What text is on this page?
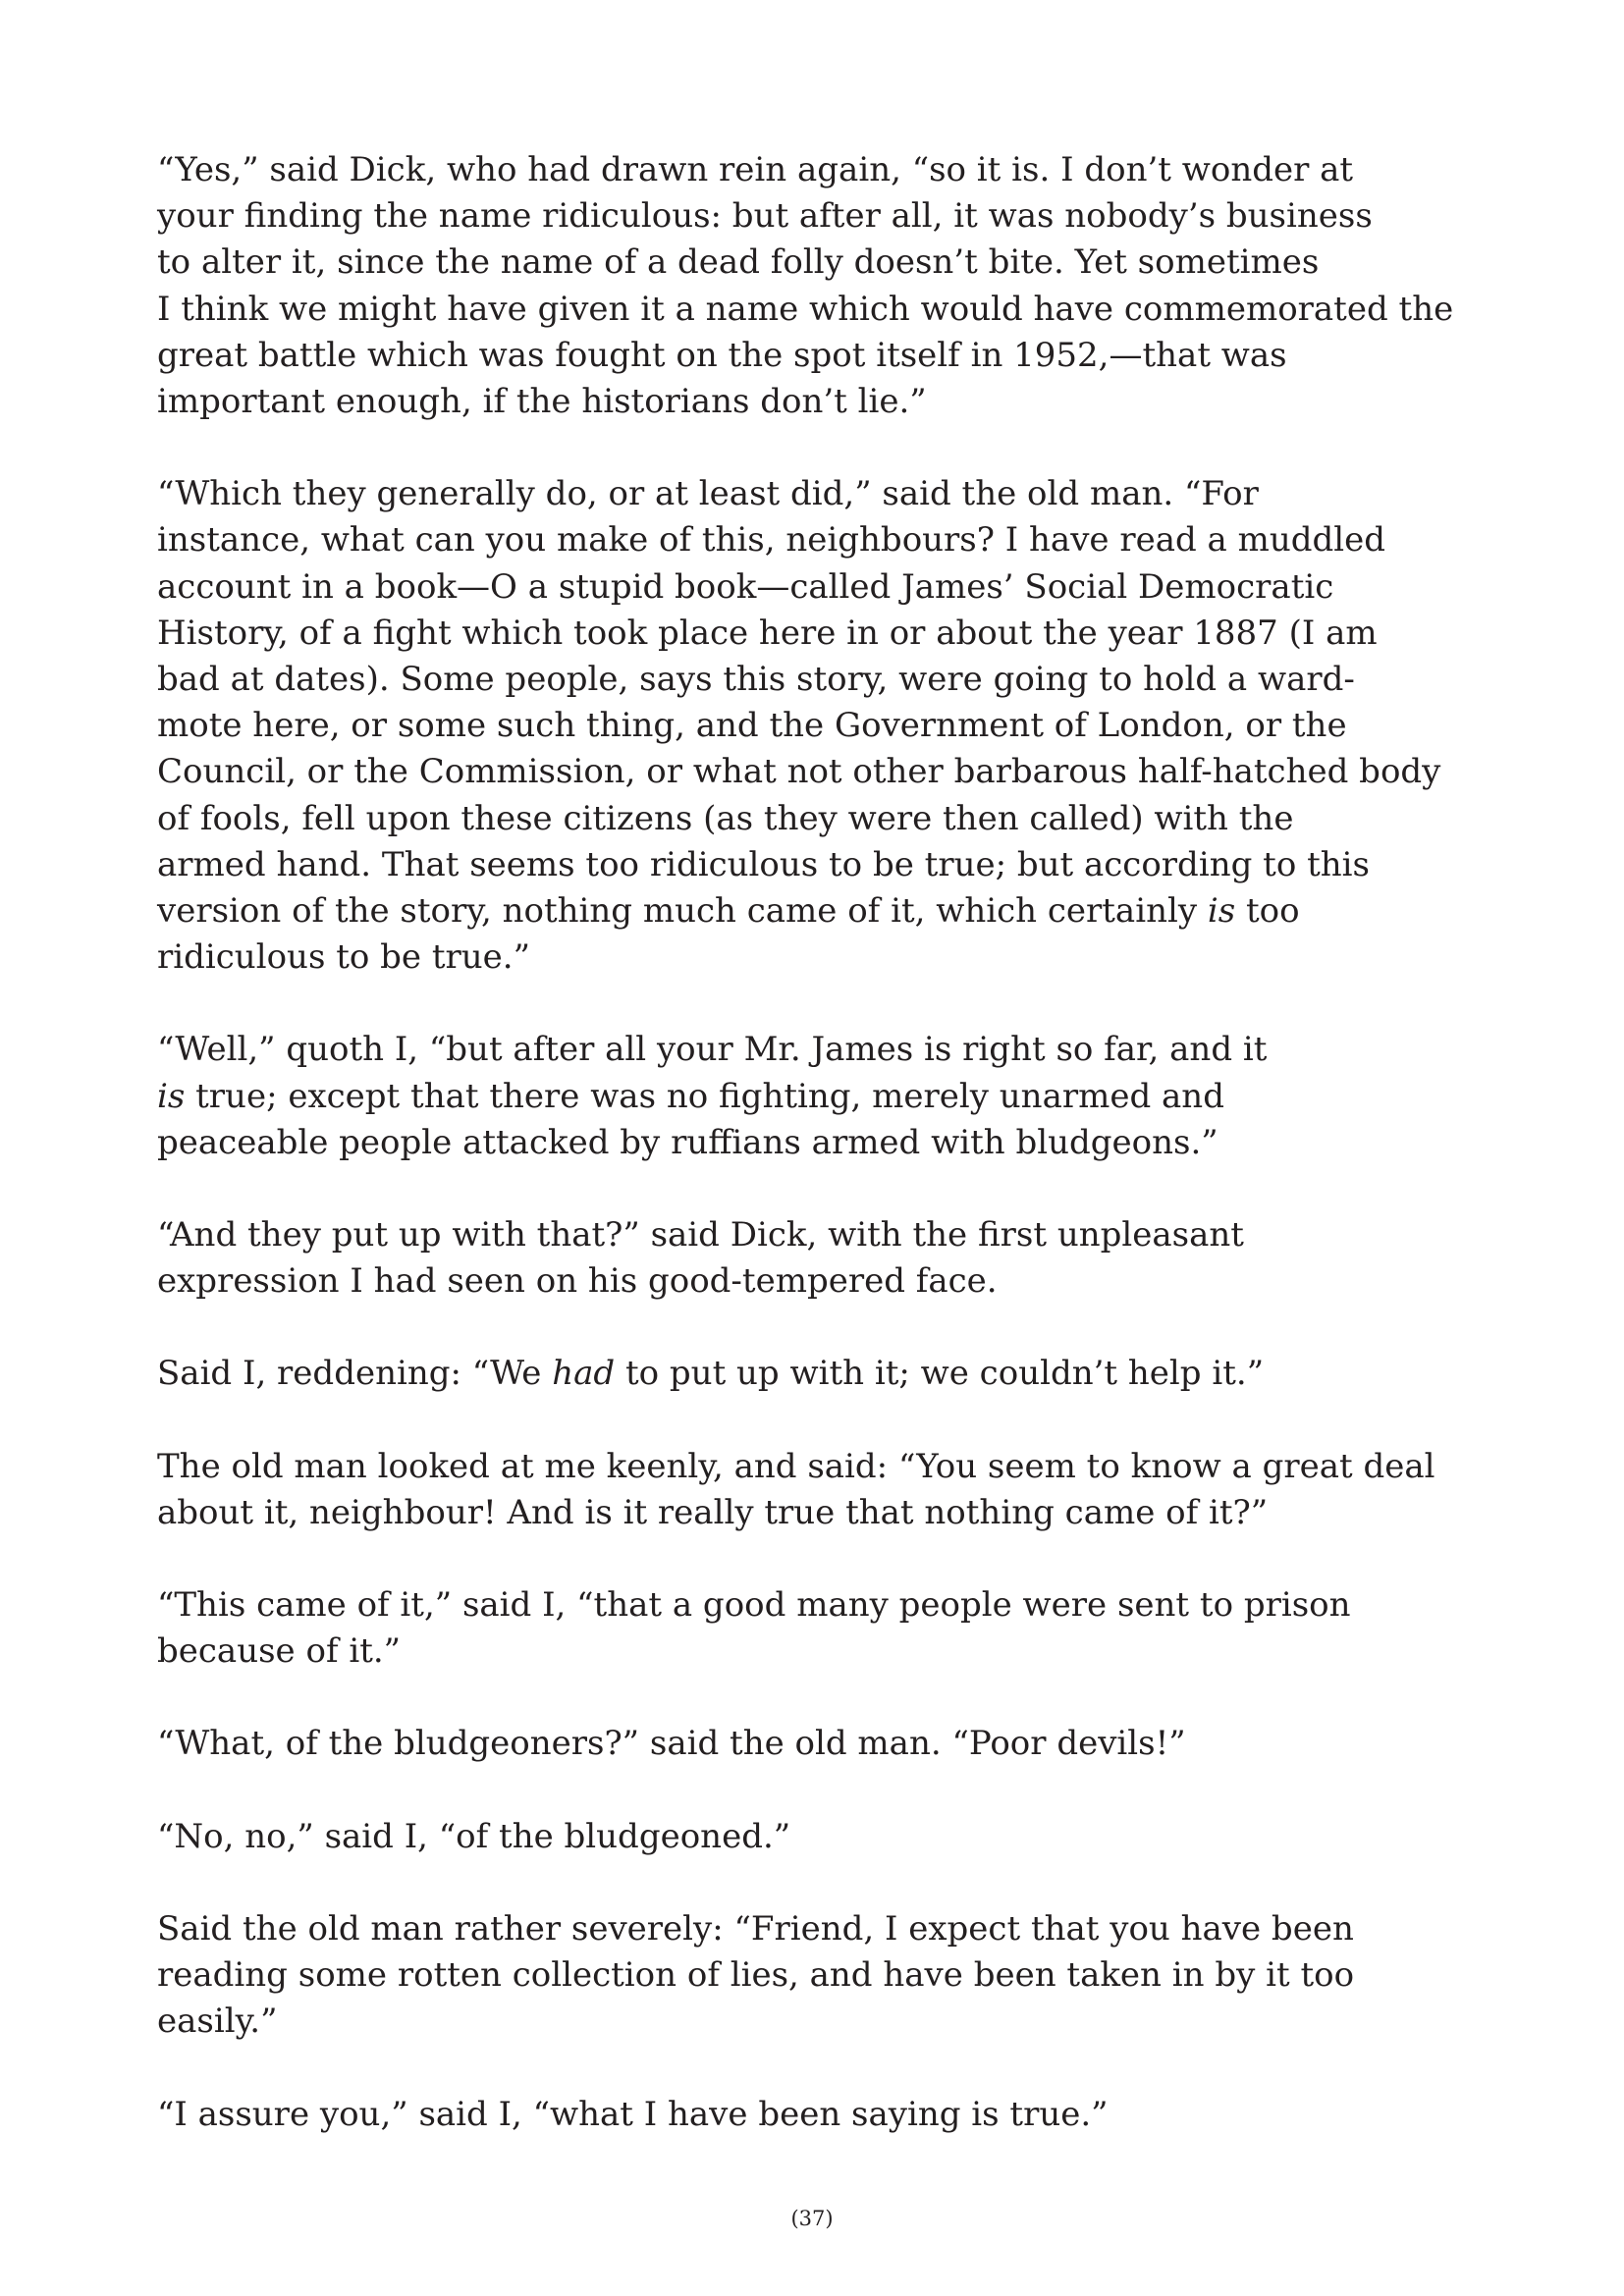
“Yes,” said Dick, who had drawn rein again, “so it is. I don’t wonder at
your finding the name ridiculous: but after all, it was nobody’s business
to alter it, since the name of a dead folly doesn’t bite. Yet sometimes
I think we might have given it a name which would have commemorated the
great battle which was fought on the spot itself in 1952,—that was
important enough, if the historians don’t lie.”

“Which they generally do, or at least did,” said the old man. “For
instance, what can you make of this, neighbours? I have read a muddled
account in a book—O a stupid book—called James’ Social Democratic
History, of a fight which took place here in or about the year 1887 (I am
bad at dates). Some people, says this story, were going to hold a ward-
mote here, or some such thing, and the Government of London, or the
Council, or the Commission, or what not other barbarous half-hatched body
of fools, fell upon these citizens (as they were then called) with the
armed hand. That seems too ridiculous to be true; but according to this
version of the story, nothing much came of it, which certainly is too
ridiculous to be true.”

“Well,” quoth I, “but after all your Mr. James is right so far, and it
is true; except that there was no fighting, merely unarmed and
peaceable people attacked by ruffians armed with bludgeons.”

“And they put up with that?” said Dick, with the first unpleasant
expression I had seen on his good-tempered face.

Said I, reddening: “We had to put up with it; we couldn’t help it.”

The old man looked at me keenly, and said: “You seem to know a great deal
about it, neighbour! And is it really true that nothing came of it?”

“This came of it,” said I, “that a good many people were sent to prison
because of it.”

“What, of the bludgeoners?” said the old man. “Poor devils!”

“No, no,” said I, “of the bludgeoned.”

Said the old man rather severely: “Friend, I expect that you have been
reading some rotten collection of lies, and have been taken in by it too
easily.”

“I assure you,” said I, “what I have been saying is true.”

(37)
